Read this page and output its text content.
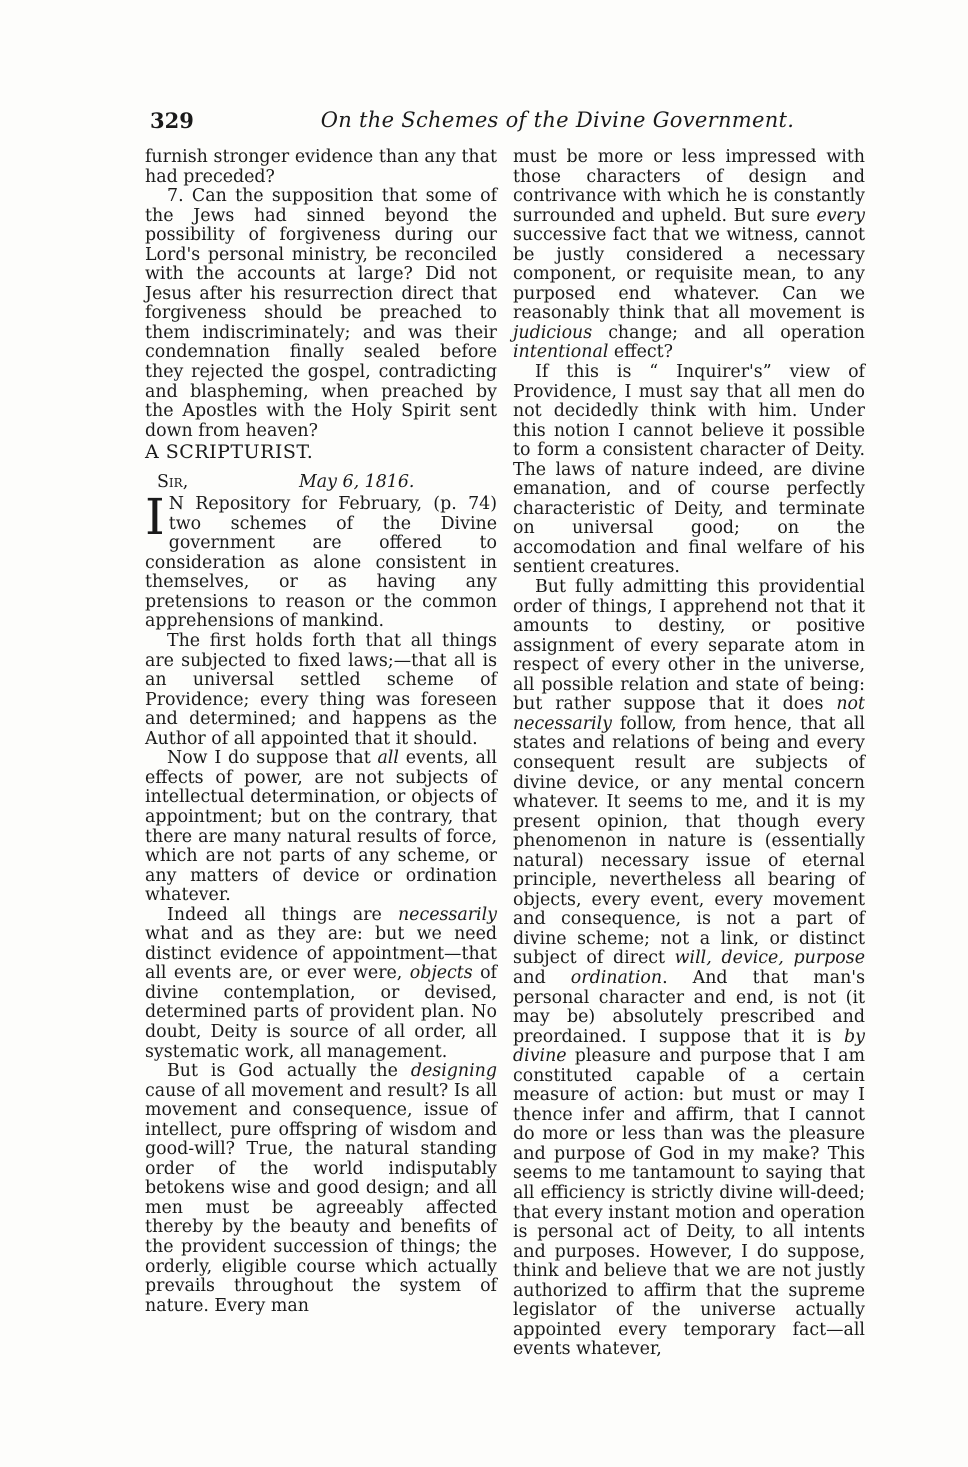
329	On the Schemes of the Divine Government.

furnish stronger evidence than any that had preceded?

7. Can the supposition that some of the Jews had sinned beyond the possibility of forgiveness during our Lord's personal ministry, be reconciled with the accounts at large? Did not Jesus after his resurrection direct that forgiveness should be preached to them indiscriminately; and was their condemnation finally sealed before they rejected the gospel, contradicting and blaspheming, when preached by the Apostles with the Holy Spirit sent down from heaven?

A SCRIPTURIST.

Sir,	May 6, 1816.

I N Repository for February, (p. 74) two schemes of the Divine government are offered to consideration as alone consistent in themselves, or as having any pretensions to reason or the common apprehensions of mankind.

The first holds forth that all things are subjected to fixed laws;—that all is an universal settled scheme of Providence; every thing was foreseen and determined; and happens as the Author of all appointed that it should.

Now I do suppose that all events, all effects of power, are not subjects of intellectual determination, or objects of appointment; but on the contrary, that there are many natural results of force, which are not parts of any scheme, or any matters of device or ordination whatever.

Indeed all things are necessarily what and as they are: but we need distinct evidence of appointment—that all events are, or ever were, objects of divine contemplation, or devised, determined parts of provident plan. No doubt, Deity is source of all order, all systematic work, all management.

But is God actually the designing cause of all movement and result? Is all movement and consequence, issue of intellect, pure offspring of wisdom and good-will? True, the natural standing order of the world indisputably betokens wise and good design; and all men must be agreeably affected thereby by the beauty and benefits of the provident succession of things; the orderly, eligible course which actually prevails throughout the system of nature. Every man

must be more or less impressed with those characters of design and contrivance with which he is constantly surrounded and upheld. But sure every successive fact that we witness, cannot be justly considered a necessary component, or requisite mean, to any purposed end whatever. Can we reasonably think that all movement is judicious change; and all operation intentional effect?

If this is “ Inquirer's” view of Providence, I must say that all men do not decidedly think with him. Under this notion I cannot believe it possible to form a consistent character of Deity. The laws of nature indeed, are divine emanation, and of course perfectly characteristic of Deity, and terminate on universal good; on the accomodation and final welfare of his sentient creatures.

But fully admitting this providential order of things, I apprehend not that it amounts to destiny, or positive assignment of every separate atom in respect of every other in the universe, all possible relation and state of being: but rather suppose that it does not necessarily follow, from hence, that all states and relations of being and every consequent result are subjects of divine device, or any mental concern whatever. It seems to me, and it is my present opinion, that though every phenomenon in nature is (essentially natural) necessary issue of eternal principle, nevertheless all bearing of objects, every event, every movement and consequence, is not a part of divine scheme; not a link, or distinct subject of direct will, device, purpose and ordination. And that man's personal character and end, is not (it may be) absolutely prescribed and preordained. I suppose that it is by divine pleasure and purpose that I am constituted capable of a certain measure of action: but must or may I thence infer and affirm, that I cannot do more or less than was the pleasure and purpose of God in my make? This seems to me tantamount to saying that all efficiency is strictly divine will-deed; that every instant motion and operation is personal act of Deity, to all intents and purposes. However, I do suppose, think and believe that we are not justly authorized to affirm that the supreme legislator of the universe actually appointed every temporary fact—all events whatever,
